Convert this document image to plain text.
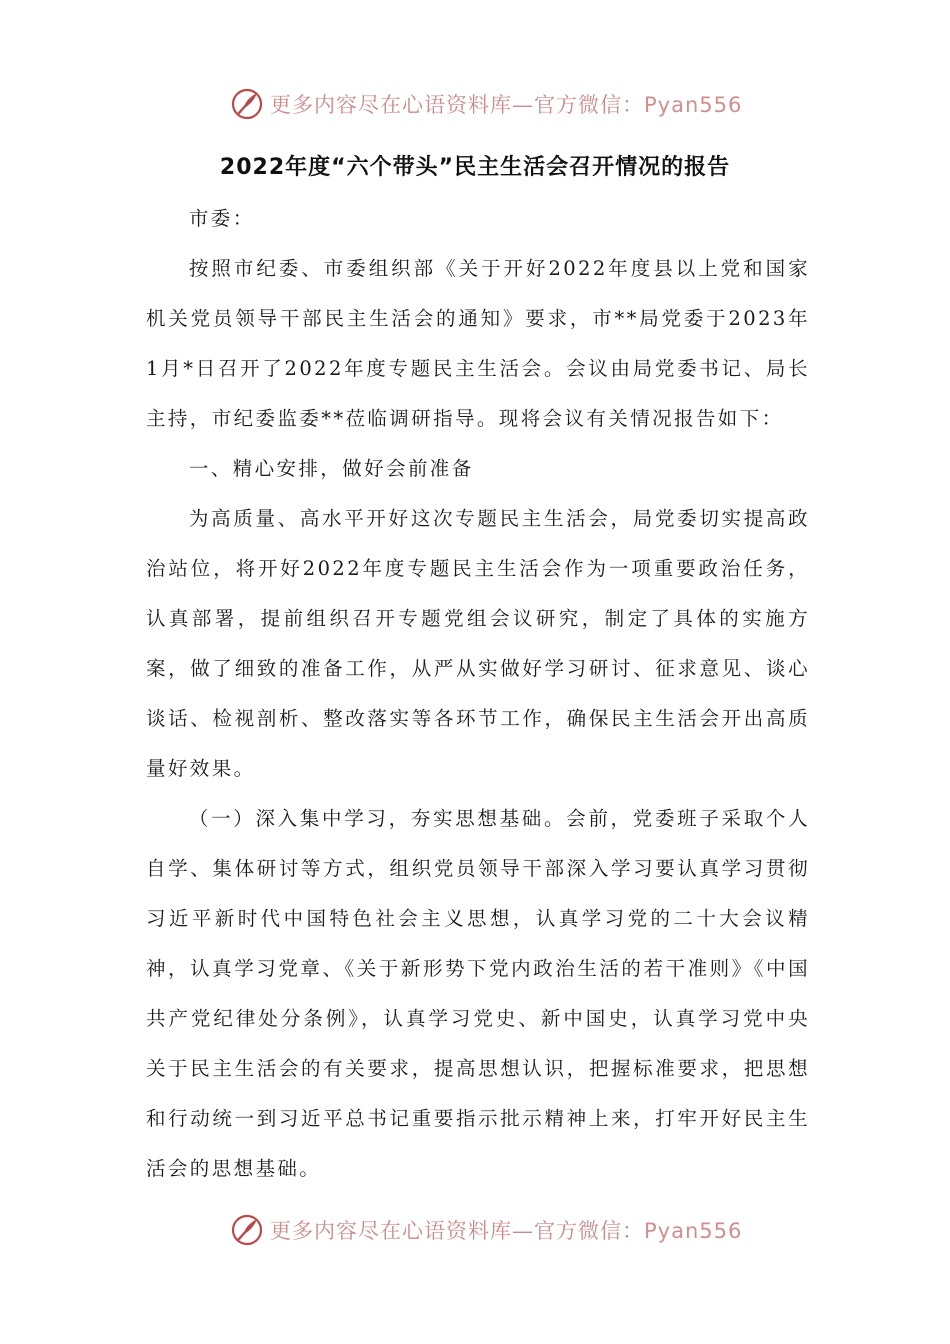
更多内容尽在心语资料库—官方微信：Pyan556
2022年度“六个带头”民主生活会召开情况的报告

市委：

按照市纪委、市委组织部《关于开好2022年度县以上党和国家机关党员领导干部民主生活会的通知》要求，市**局党委于2023年1月*日召开了2022年度专题民主生活会。会议由局党委书记、局长主持，市纪委监委**莅临调研指导。现将会议有关情况报告如下：

一、精心安排，做好会前准备

为高质量、高水平开好这次专题民主生活会，局党委切实提高政治站位，将开好2022年度专题民主生活会作为一项重要政治任务，认真部署，提前组织召开专题党组会议研究，制定了具体的实施方案，做了细致的准备工作，从严从实做好学习研讨、征求意见、谈心谈话、检视剖析、整改落实等各环节工作，确保民主生活会开出高质量好效果。

（一）深入集中学习，夯实思想基础。会前，党委班子采取个人自学、集体研讨等方式，组织党员领导干部深入学习要认真学习贯彻习近平新时代中国特色社会主义思想，认真学习党的二十大会议精神，认真学习党章、《关于新形势下党内政治生活的若干准则》《中国共产党纪律处分条例》，认真学习党史、新中国史，认真学习党中央关于民主生活会的有关要求，提高思想认识，把握标准要求，把思想和行动统一到习近平总书记重要指示批示精神上来，打牢开好民主生活会的思想基础。

更多内容尽在心语资料库—官方微信：Pyan556
